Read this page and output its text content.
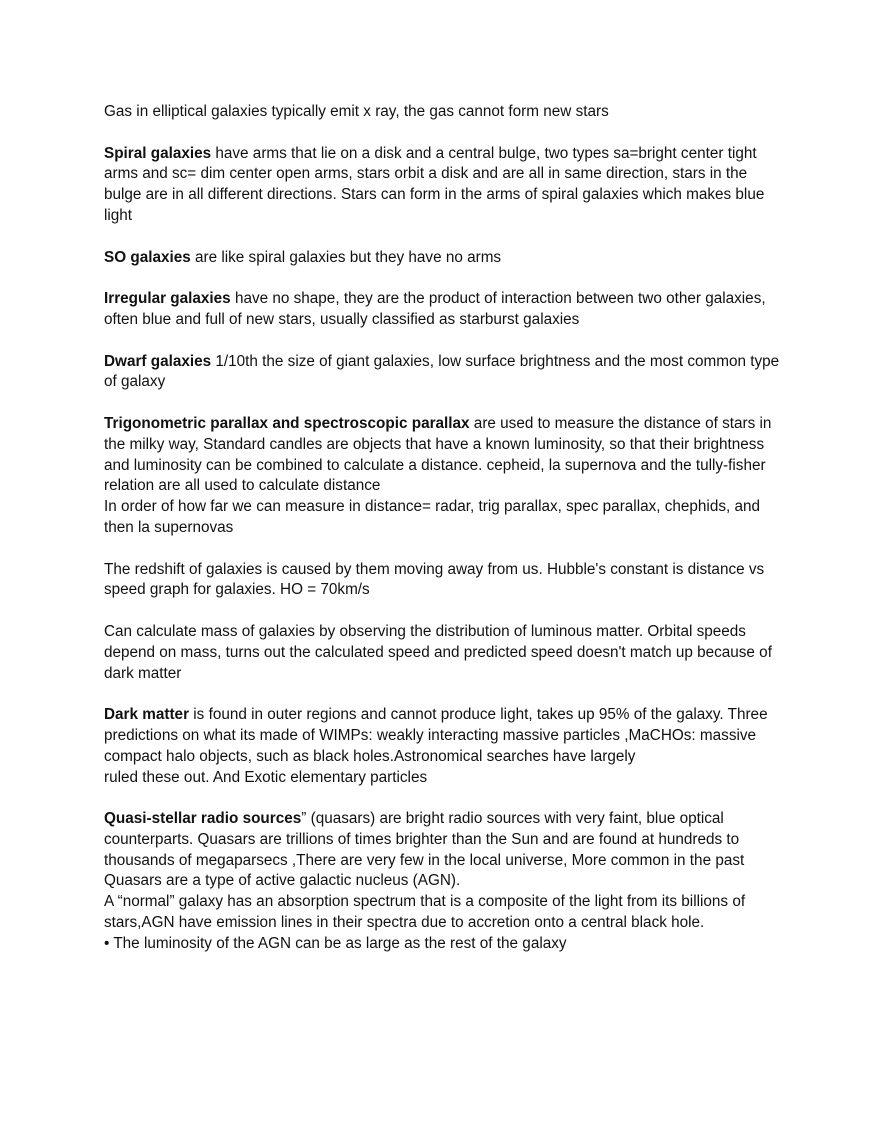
Gas in elliptical galaxies typically emit x ray, the gas cannot form new stars

Spiral galaxies have arms that lie on a disk and a central bulge, two types sa=bright center tight arms and sc= dim center open arms, stars orbit a disk and are all in same direction, stars in the bulge are in all different directions. Stars can form in the arms of spiral galaxies which makes blue light

SO galaxies are like spiral galaxies but they have no arms

Irregular galaxies have no shape, they are the product of interaction between two other galaxies, often blue and full of new stars, usually classified as starburst galaxies

Dwarf galaxies 1/10th the size of giant galaxies, low surface brightness and the most common type of galaxy

Trigonometric parallax and spectroscopic parallax are used to measure the distance of stars in the milky way, Standard candles are objects that have a known luminosity, so that their brightness and luminosity can be combined to calculate a distance. cepheid, la supernova and the tully-fisher relation are all used to calculate distance
In order of how far we can measure in distance= radar, trig parallax, spec parallax, chephids, and then la supernovas

The redshift of galaxies is caused by them moving away from us. Hubble's constant is distance vs speed graph for galaxies. HO = 70km/s

Can calculate mass of galaxies by observing the distribution of luminous matter. Orbital speeds depend on mass, turns out the calculated speed and predicted speed doesn't match up because of dark matter

Dark matter is found in outer regions and cannot produce light, takes up 95% of the galaxy. Three predictions on what its made of WIMPs: weakly interacting massive particles ,MaCHOs: massive compact halo objects, such as black holes.Astronomical searches have largely
ruled these out. And Exotic elementary particles

Quasi-stellar radio sources” (quasars) are bright radio sources with very faint, blue optical counterparts. Quasars are trillions of times brighter than the Sun and are found at hundreds to thousands of megaparsecs ,There are very few in the local universe, More common in the past
Quasars are a type of active galactic nucleus (AGN).
A “normal” galaxy has an absorption spectrum that is a composite of the light from its billions of stars,AGN have emission lines in their spectra due to accretion onto a central black hole.
• The luminosity of the AGN can be as large as the rest of the galaxy
